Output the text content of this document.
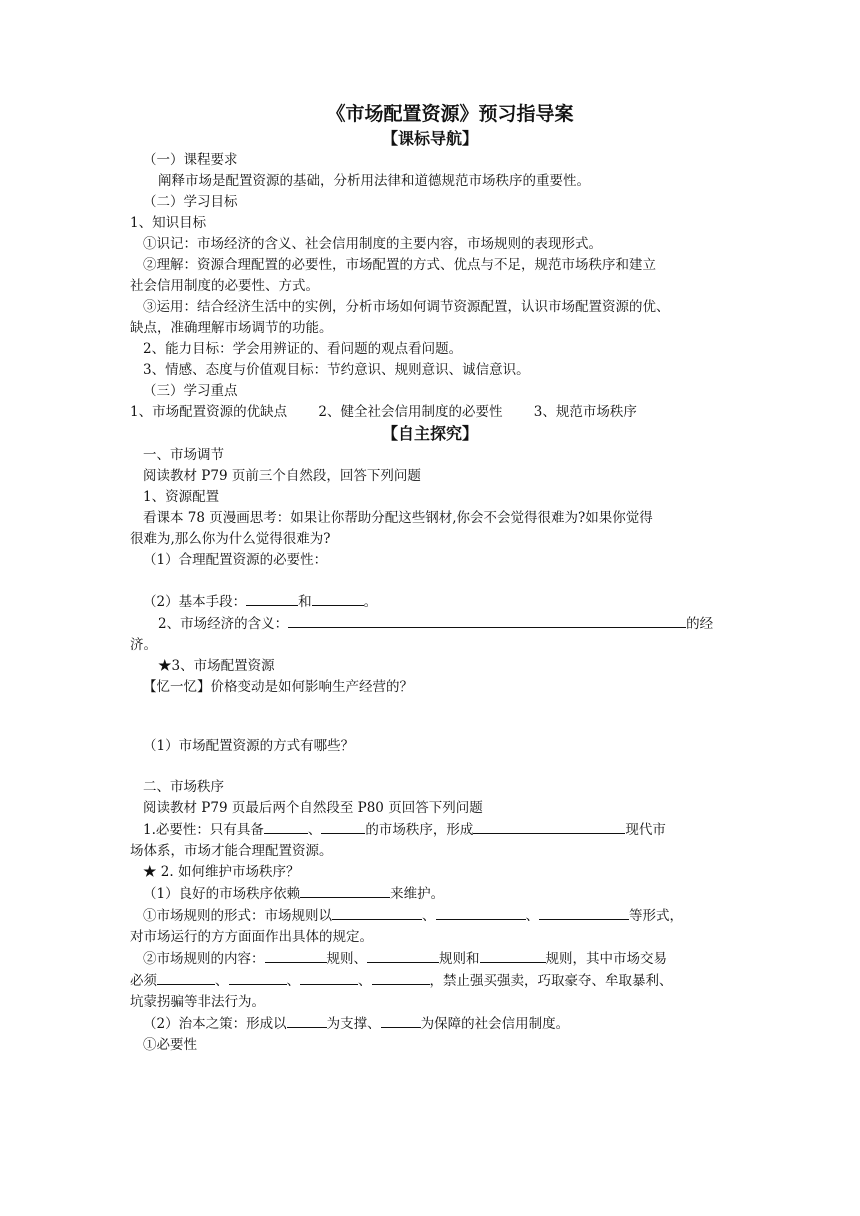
《市场配置资源》预习指导案

【课标导航】

（一）课程要求

阐释市场是配置资源的基础，分析用法律和道德规范市场秩序的重要性。

（二）学习目标

1、知识目标

①识记：市场经济的含义、社会信用制度的主要内容，市场规则的表现形式。

②理解：资源合理配置的必要性，市场配置的方式、优点与不足，规范市场秩序和建立

社会信用制度的必要性、方式。

③运用：结合经济生活中的实例，分析市场如何调节资源配置，认识市场配置资源的优、

缺点，准确理解市场调节的功能。

2、能力目标：学会用辨证的、看问题的观点看问题。

3、情感、态度与价值观目标：节约意识、规则意识、诚信意识。

（三）学习重点

1、市场配置资源的优缺点　　 2、健全社会信用制度的必要性　　 3、规范市场秩序

【自主探究】

一、市场调节

阅读教材 P79 页前三个自然段，回答下列问题

1、资源配置

看课本 78 页漫画思考：如果让你帮助分配这些钢材,你会不会觉得很难为?如果你觉得

很难为,那么你为什么觉得很难为?

（1）合理配置资源的必要性：

（2）基本手段：	和	。

2、市场经济的含义：	的经

济。

★3、市场配置资源

【忆一忆】价格变动是如何影响生产经营的？

（1）市场配置资源的方式有哪些？

二、市场秩序

阅读教材 P79 页最后两个自然段至 P80 页回答下列问题

1.必要性：只有具备	、	的市场秩序，形成	现代市

场体系，市场才能合理配置资源。

★ 2. 如何维护市场秩序？

（1）良好的市场秩序依赖	来维护。

①市场规则的形式：市场规则以	、	、	等形式，

对市场运行的方方面面作出具体的规定。

②市场规则的内容：	规则、	规则和	规则，其中市场交易

必须	、	、	、	，禁止强买强卖，巧取豪夺、牟取暴利、

坑蒙拐骗等非法行为。

（2）治本之策：形成以	为支撑、	为保障的社会信用制度。

①必要性
